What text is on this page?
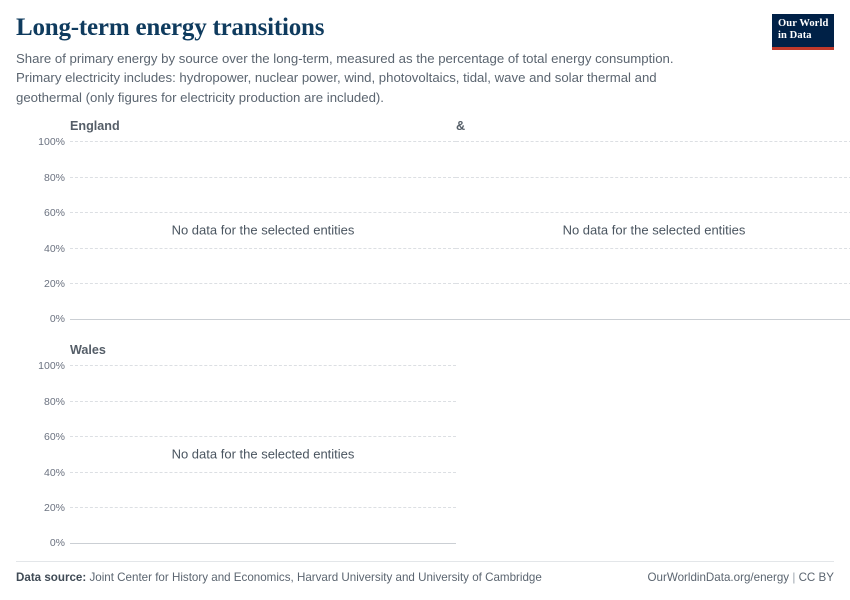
Long-term energy transitions

Share of primary energy by source over the long-term, measured as the percentage of total energy consumption. Primary electricity includes: hydropower, nuclear power, wind, photovoltaics, tidal, wave and solar thermal and geothermal (only figures for electricity production are included).

Our World
in Data
England
100%
80%
60%
40%
20%
0%
No data for the selected entities
&
No data for the selected entities
Wales
100%
80%
60%
40%
20%
0%
No data for the selected entities
Data source: Joint Center for History and Economics, Harvard University and University of Cambridge	OurWorldinData.org/energy | CC BY
